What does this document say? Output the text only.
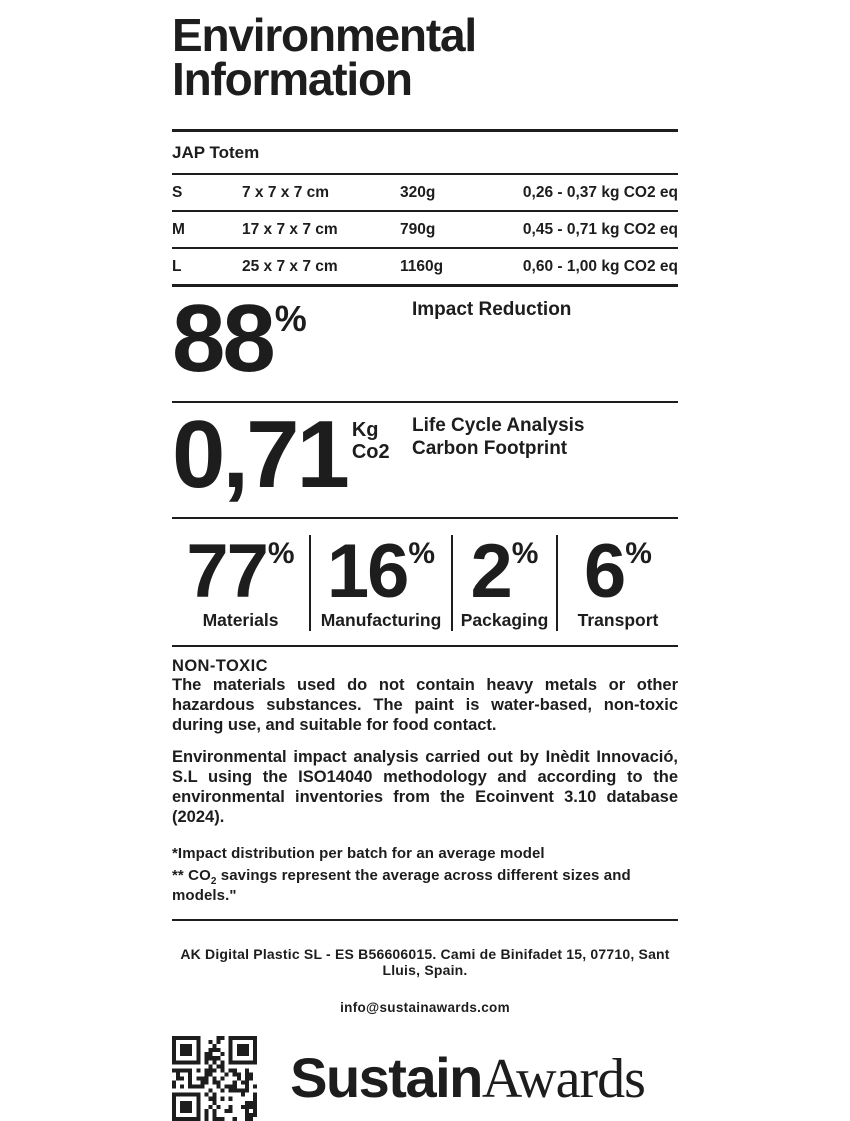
Environmental
Information
JAP Totem
S	7 x 7 x 7 cm	320g	0,26 - 0,37 kg CO2 eq
M	17 x 7 x 7 cm	790g	0,45 - 0,71 kg CO2 eq
L	25 x 7 x 7 cm	1160g	0,60 - 1,00 kg CO2 eq
88 %	Impact Reduction
0,71 Kg
Co2
Life Cycle Analysis
Carbon Footprint
77 %
Materials
16 %
Manufacturing
2 %
Packaging
6 %
Transport
NON-TOXIC

The materials used do not contain heavy metals or other hazardous substances. The paint is water-based, non-toxic during use, and suitable for food contact.

Environmental impact analysis carried out by Inèdit Innovació, S.L using the ISO14040 methodology and according to the environmental inventories from the Ecoinvent 3.10 database (2024).

*Impact distribution per batch for an average model
** $CO_2$ savings represent the average across different sizes and models."
AK Digital Plastic SL - ES B56606015. Cami de Binifadet 15, 07710, Sant Lluis, Spain.
info@sustainawards.com
SustainAwards
